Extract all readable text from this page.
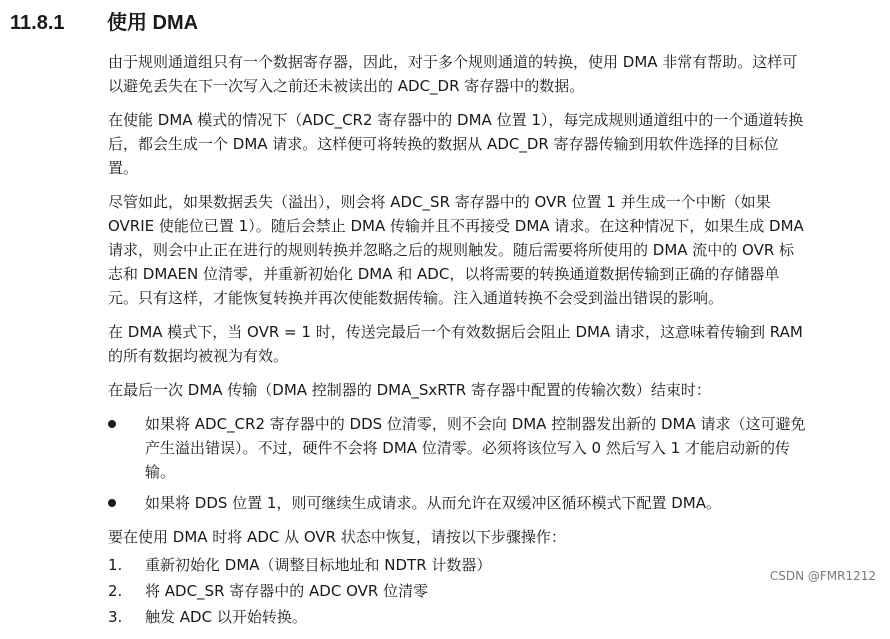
11.8.1 使用 DMA

由于规则通道组只有一个数据寄存器，因此，对于多个规则通道的转换，使用 DMA 非常有帮助。这样可以避免丢失在下一次写入之前还未被读出的 ADC_DR 寄存器中的数据。

在使能 DMA 模式的情况下（ADC_CR2 寄存器中的 DMA 位置 1），每完成规则通道组中的一个通道转换后，都会生成一个 DMA 请求。这样便可将转换的数据从 ADC_DR 寄存器传输到用软件选择的目标位置。

尽管如此，如果数据丢失（溢出），则会将 ADC_SR 寄存器中的 OVR 位置 1 并生成一个中断（如果 OVRIE 使能位已置 1）。随后会禁止 DMA 传输并且不再接受 DMA 请求。在这种情况下，如果生成 DMA 请求，则会中止正在进行的规则转换并忽略之后的规则触发。随后需要将所使用的 DMA 流中的 OVR 标志和 DMAEN 位清零，并重新初始化 DMA 和 ADC，以将需要的转换通道数据传输到正确的存储器单元。只有这样，才能恢复转换并再次使能数据传输。注入通道转换不会受到溢出错误的影响。

在 DMA 模式下，当 OVR = 1 时，传送完最后一个有效数据后会阻止 DMA 请求，这意味着传输到 RAM 的所有数据均被视为有效。

在最后一次 DMA 传输（DMA 控制器的 DMA_SxRTR 寄存器中配置的传输次数）结束时：

如果将 ADC_CR2 寄存器中的 DDS 位清零，则不会向 DMA 控制器发出新的 DMA 请求（这可避免产生溢出错误）。不过，硬件不会将 DMA 位清零。必须将该位写入 0 然后写入 1 才能启动新的传输。
如果将 DDS 位置 1，则可继续生成请求。从而允许在双缓冲区循环模式下配置 DMA。

要在使用 DMA 时将 ADC 从 OVR 状态中恢复，请按以下步骤操作：

1. 重新初始化 DMA（调整目标地址和 NDTR 计数器）
2. 将 ADC_SR 寄存器中的 ADC OVR 位清零
3. 触发 ADC 以开始转换。
CSDN @FMR1212
